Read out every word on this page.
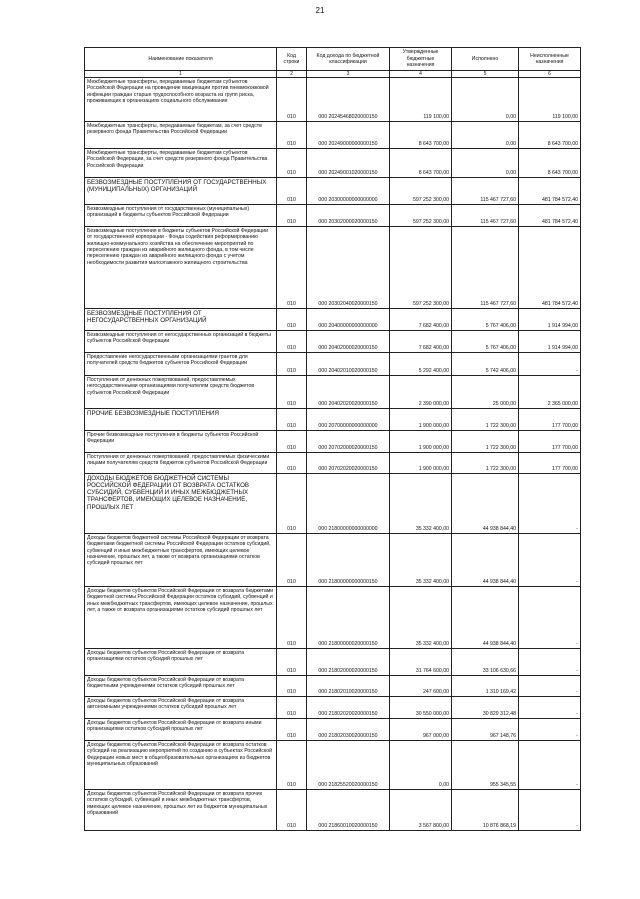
21
Наименование показателя	Код строки	Код дохода по бюджетной классификации	Утвержденные бюджетные назначения	Исполнено	Неисполненные назначения
1	2	3	4	5	6
Межбюджетные трансферты, передаваемые бюджетам субъектов Российской Федерации на проведение вакцинации против пневмококковой инфекции граждан старше трудоспособного возраста из групп риска, проживающих в организациях социального обслуживания	010	000 20245468020000150	119 100,00	0,00	119 100,00
Межбюджетные трансферты, передаваемые бюджетам, за счет средств резервного фонда Правительства Российской Федерации	010	000 20249000000000150	8 643 700,00	0,00	8 643 700,00
Межбюджетные трансферты, передаваемые бюджетам субъектов Российской Федерации, за счет средств резервного фонда Правительства Российской Федерации	010	000 20249001020000150	8 643 700,00	0,00	8 643 700,00
БЕЗВОЗМЕЗДНЫЕ ПОСТУПЛЕНИЯ ОТ ГОСУДАРСТВЕННЫХ (МУНИЦИПАЛЬНЫХ) ОРГАНИЗАЦИЙ	010	000 20300000000000000	597 252 300,00	115 467 727,60	481 784 572,40
Безвозмездные поступления от государственных (муниципальных) организаций в бюджеты субъектов Российской Федерации	010	000 20302000020000150	597 252 300,00	115 467 727,60	481 784 572,40
Безвозмездные поступления в бюджеты субъектов Российской Федерации от государственной корпорации - Фонда содействия реформированию жилищно-коммунального хозяйства на обеспечение мероприятий по переселению граждан из аварийного жилищного фонда, в том числе переселению граждан из аварийного жилищного фонда с учетом необходимости развития малоэтажного жилищного строительства	010	000 20302040020000150	597 252 300,00	115 467 727,60	481 784 572,40
БЕЗВОЗМЕЗДНЫЕ ПОСТУПЛЕНИЯ ОТ НЕГОСУДАРСТВЕННЫХ ОРГАНИЗАЦИЙ	010	000 20400000000000000	7 682 400,00	5 767 406,00	1 914 994,00
Безвозмездные поступления от негосударственных организаций в бюджеты субъектов Российской Федерации	010	000 20402000020000150	7 682 400,00	5 767 406,00	1 914 994,00
Предоставление негосударственными организациями грантов для получателей средств бюджетов субъектов Российской Федерации	010	000 20402010020000150	5 292 400,00	5 742 406,00	-
Поступления от денежных пожертвований, предоставляемых негосударственными организациями получателям средств бюджетов субъектов Российской Федерации	010	000 20402020020000150	2 390 000,00	25 000,00	2 365 000,00
ПРОЧИЕ БЕЗВОЗМЕЗДНЫЕ ПОСТУПЛЕНИЯ	010	000 20700000000000000	1 900 000,00	1 722 300,00	177 700,00
Прочие безвозмездные поступления в бюджеты субъектов Российской Федерации	010	000 20702000020000150	1 900 000,00	1 722 300,00	177 700,00
Поступления от денежных пожертвований, предоставляемых физическими лицами получателям средств бюджетов субъектов Российской Федерации	010	000 20702020020000150	1 900 000,00	1 722 300,00	177 700,00
ДОХОДЫ БЮДЖЕТОВ БЮДЖЕТНОЙ СИСТЕМЫ РОССИЙСКОЙ ФЕДЕРАЦИИ ОТ ВОЗВРАТА ОСТАТКОВ СУБСИДИЙ, СУБВЕНЦИЙ И ИНЫХ МЕЖБЮДЖЕТНЫХ ТРАНСФЕРТОВ, ИМЕЮЩИХ ЦЕЛЕВОЕ НАЗНАЧЕНИЕ, ПРОШЛЫХ ЛЕТ	010	000 21800000000000000	35 332 400,00	44 938 844,40	-
Доходы бюджетов бюджетной системы Российской Федерации от возврата бюджетами бюджетной системы Российской Федерации остатков субсидий, субвенций и иных межбюджетных трансфертов, имеющих целевое назначение, прошлых лет, а также от возврата организациями остатков субсидий прошлых лет	010	000 21800000000000150	35 332 400,00	44 938 844,40	-
Доходы бюджетов субъектов Российской Федерации от возврата бюджетами бюджетной системы Российской Федерации остатков субсидий, субвенций и иных межбюджетных трансфертов, имеющих целевое назначение, прошлых лет, а также от возврата организациями остатков субсидий прошлых лет	010	000 21800000020000150	35 332 400,00	44 938 844,40	-
Доходы бюджетов субъектов Российской Федерации от возврата организациями остатков субсидий прошлых лет	010	000 21802000020000150	31 764 600,00	33 106 630,66	-
Доходы бюджетов субъектов Российской Федерации от возврата бюджетными учреждениями остатков субсидий прошлых лет	010	000 21802010020000150	247 600,00	1 310 169,42	-
Доходы бюджетов субъектов Российской Федерации от возврата автономными учреждениями остатков субсидий прошлых лет	010	000 21802020020000150	30 550 000,00	30 829 312,48	-
Доходы бюджетов субъектов Российской Федерации от возврата иными организациями остатков субсидий прошлых лет	010	000 21802030020000150	967 000,00	967 148,76	-
Доходы бюджетов субъектов Российской Федерации от возврата остатков субсидий на реализацию мероприятий по созданию в субъектах Российской Федерации новых мест в общеобразовательных организациях из бюджетов муниципальных образований	010	000 21825520020000150	0,00	955 345,55	-
Доходы бюджетов субъектов Российской Федерации от возврата прочих остатков субсидий, субвенций и иных межбюджетных трансфертов, имеющих целевое назначение, прошлых лет из бюджетов муниципальных образований	010	000 21860010020000150	3 567 800,00	10 876 868,19	-
